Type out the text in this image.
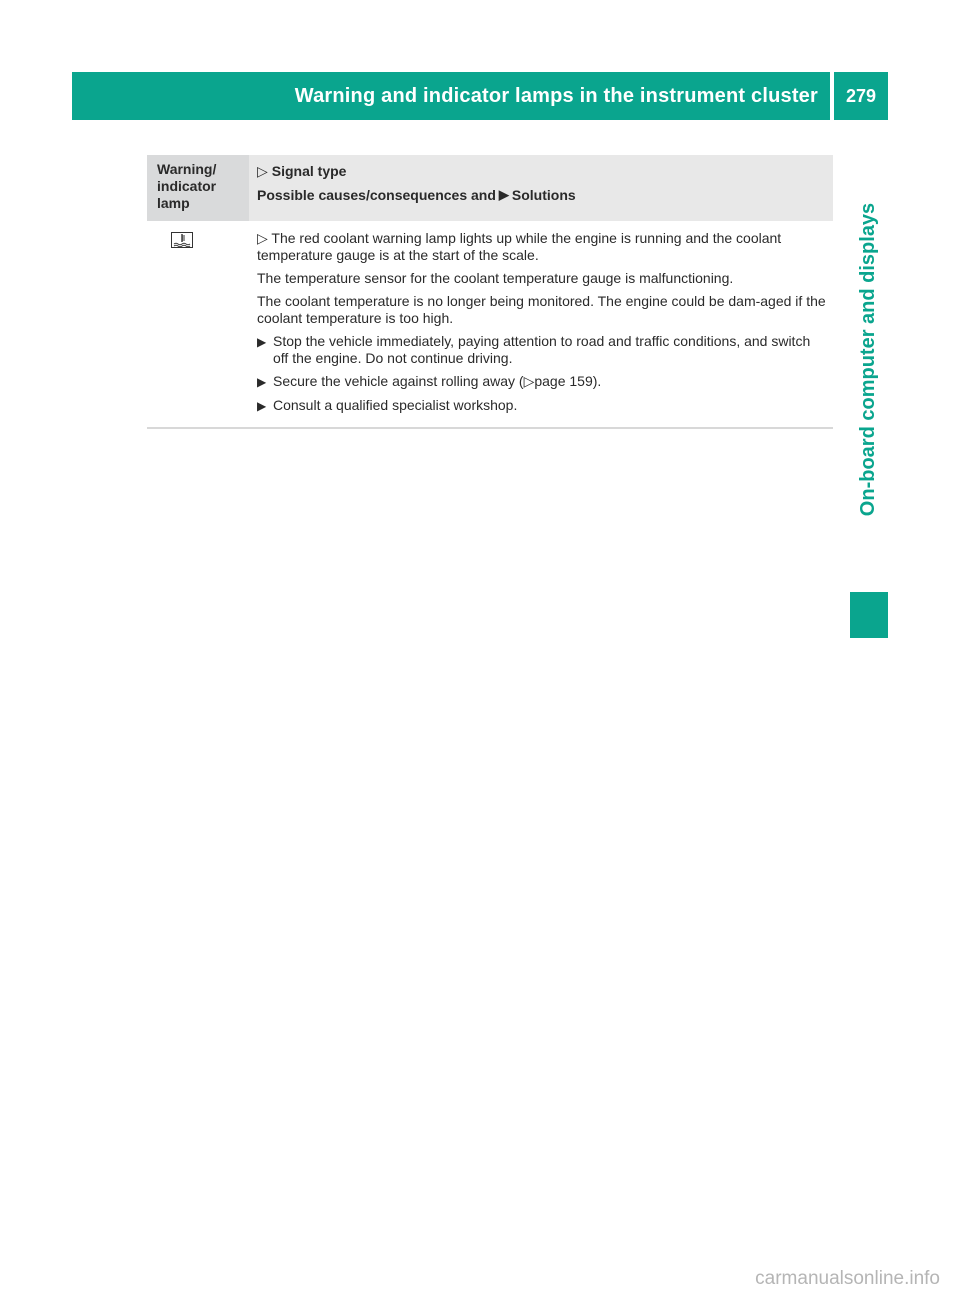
Warning and indicator lamps in the instrument cluster 279
On-board computer and displays
Warning/
indicator
lamp
▷ Signal type
Possible causes/consequences and ▶ Solutions

▷ The red coolant warning lamp lights up while the engine is running and the coolant temperature gauge is at the start of the scale.

The temperature sensor for the coolant temperature gauge is malfunctioning.

The coolant temperature is no longer being monitored. The engine could be dam-aged if the coolant temperature is too high.

▶ Stop the vehicle immediately, paying attention to road and traffic conditions, and switch off the engine. Do not continue driving.
▶ Secure the vehicle against rolling away (▷page 159).
▶ Consult a qualified specialist workshop.
carmanualsonline.info
